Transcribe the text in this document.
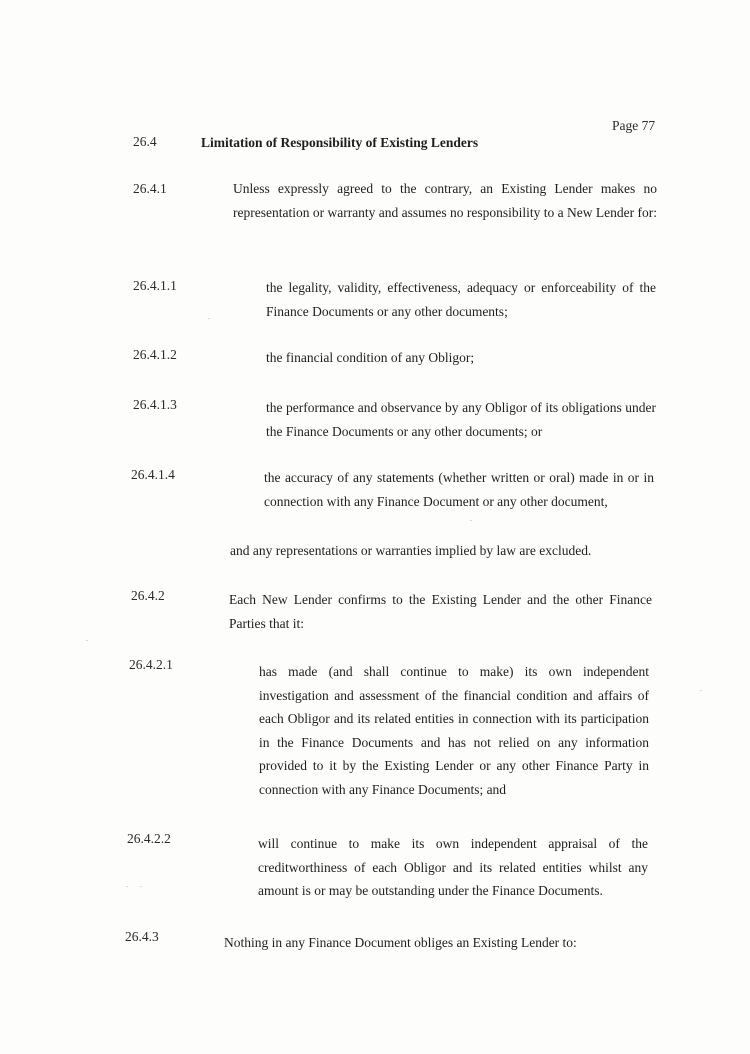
Page 77
26.4	Limitation of Responsibility of Existing Lenders
26.4.1	Unless expressly agreed to the contrary, an Existing Lender makes no representation or warranty and assumes no responsibility to a New Lender for:
26.4.1.1	the legality, validity, effectiveness, adequacy or enforceability of the Finance Documents or any other documents;
26.4.1.2	the financial condition of any Obligor;
26.4.1.3	the performance and observance by any Obligor of its obligations under the Finance Documents or any other documents; or
26.4.1.4	the accuracy of any statements (whether written or oral) made in or in connection with any Finance Document or any other document,
and any representations or warranties implied by law are excluded.
26.4.2	Each New Lender confirms to the Existing Lender and the other Finance Parties that it:
26.4.2.1	has made (and shall continue to make) its own independent investigation and assessment of the financial condition and affairs of each Obligor and its related entities in connection with its participation in the Finance Documents and has not relied on any information provided to it by the Existing Lender or any other Finance Party in connection with any Finance Documents; and
26.4.2.2	will continue to make its own independent appraisal of the creditworthiness of each Obligor and its related entities whilst any amount is or may be outstanding under the Finance Documents.
26.4.3	Nothing in any Finance Document obliges an Existing Lender to:
